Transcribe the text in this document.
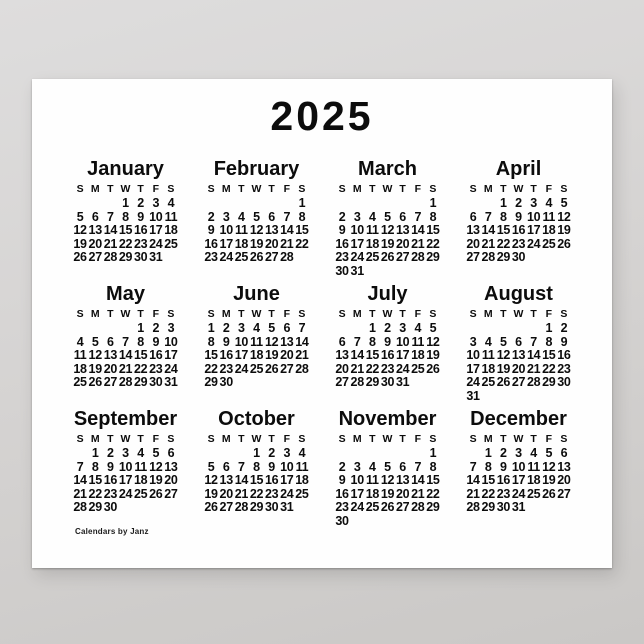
2025
January
S M T W T F S
1 2 3 4
5 6 7 8 9 10 11
12 13 14 15 16 17 18
19 20 21 22 23 24 25
26 27 28 29 30 31
February
S M T W T F S
1
2 3 4 5 6 7 8
9 10 11 12 13 14 15
16 17 18 19 20 21 22
23 24 25 26 27 28
March
S M T W T F S
1
2 3 4 5 6 7 8
9 10 11 12 13 14 15
16 17 18 19 20 21 22
23 24 25 26 27 28 29
30 31
April
S M T W T F S
1 2 3 4 5
6 7 8 9 10 11 12
13 14 15 16 17 18 19
20 21 22 23 24 25 26
27 28 29 30
May
S M T W T F S
1 2 3
4 5 6 7 8 9 10
11 12 13 14 15 16 17
18 19 20 21 22 23 24
25 26 27 28 29 30 31
June
S M T W T F S
1 2 3 4 5 6 7
8 9 10 11 12 13 14
15 16 17 18 19 20 21
22 23 24 25 26 27 28
29 30
July
S M T W T F S
1 2 3 4 5
6 7 8 9 10 11 12
13 14 15 16 17 18 19
20 21 22 23 24 25 26
27 28 29 30 31
August
S M T W T F S
1 2
3 4 5 6 7 8 9
10 11 12 13 14 15 16
17 18 19 20 21 22 23
24 25 26 27 28 29 30
31
September
S M T W T F S
1 2 3 4 5 6
7 8 9 10 11 12 13
14 15 16 17 18 19 20
21 22 23 24 25 26 27
28 29 30
October
S M T W T F S
1 2 3 4
5 6 7 8 9 10 11
12 13 14 15 16 17 18
19 20 21 22 23 24 25
26 27 28 29 30 31
November
S M T W T F S
1
2 3 4 5 6 7 8
9 10 11 12 13 14 15
16 17 18 19 20 21 22
23 24 25 26 27 28 29
30
December
S M T W T F S
1 2 3 4 5 6
7 8 9 10 11 12 13
14 15 16 17 18 19 20
21 22 23 24 25 26 27
28 29 30 31
Calendars by Janz
